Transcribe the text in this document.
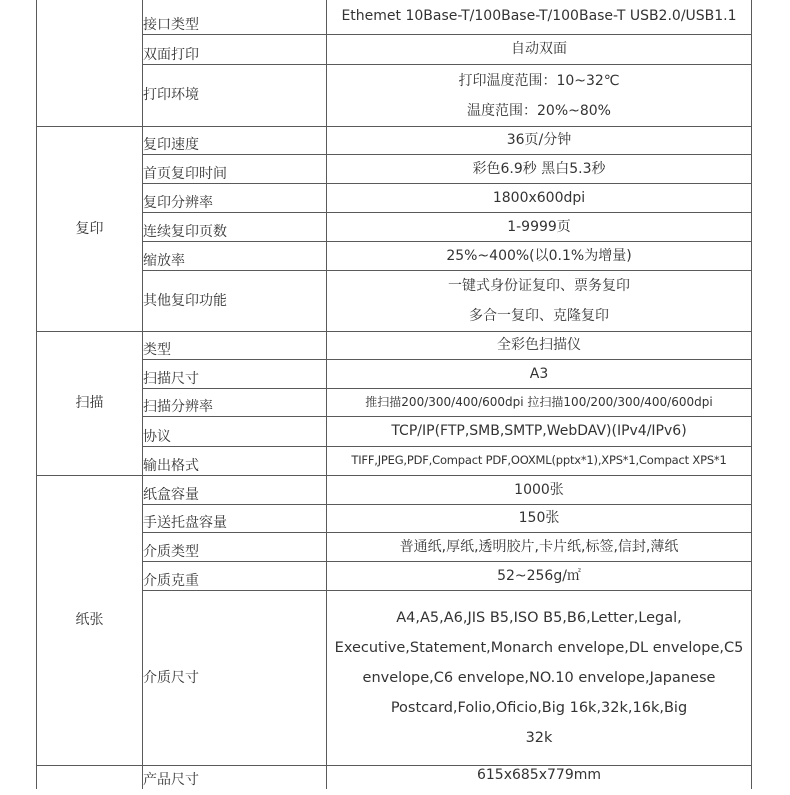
	接口类型	Ethemet 10Base-T/100Base-T/100Base-T USB2.0/USB1.1

	双面打印	自动双面

	打印环境	打印温度范围：10~32℃
温度范围：20%~80%

复印	复印速度	36页/分钟

	首页复印时间	彩色6.9秒 黑白5.3秒

	复印分辨率	1800x600dpi

	连续复印页数	1-9999页

	缩放率	25%~400%(以0.1%为增量)

	其他复印功能	一键式身份证复印、票务复印
多合一复印、克隆复印

扫描	类型	全彩色扫描仪

	扫描尺寸	A3

	扫描分辨率	推扫描200/300/400/600dpi 拉扫描100/200/300/400/600dpi

	协议	TCP/IP(FTP,SMB,SMTP,WebDAV)(IPv4/IPv6)

	输出格式	TIFF,JPEG,PDF,Compact PDF,OOXML(pptx*1),XPS*1,Compact XPS*1

纸张	纸盒容量	1000张

	手送托盘容量	150张

	介质类型	普通纸,厚纸,透明胶片,卡片纸,标签,信封,薄纸

	介质克重	52~256g/㎡

	介质尺寸	A4,A5,A6,JIS B5,ISO B5,B6,Letter,Legal,
Executive,Statement,Monarch envelope,DL envelope,C5
envelope,C6 envelope,NO.10 envelope,Japanese
Postcard,Folio,Oficio,Big 16k,32k,16k,Big
32k

	产品尺寸	615x685x779mm
